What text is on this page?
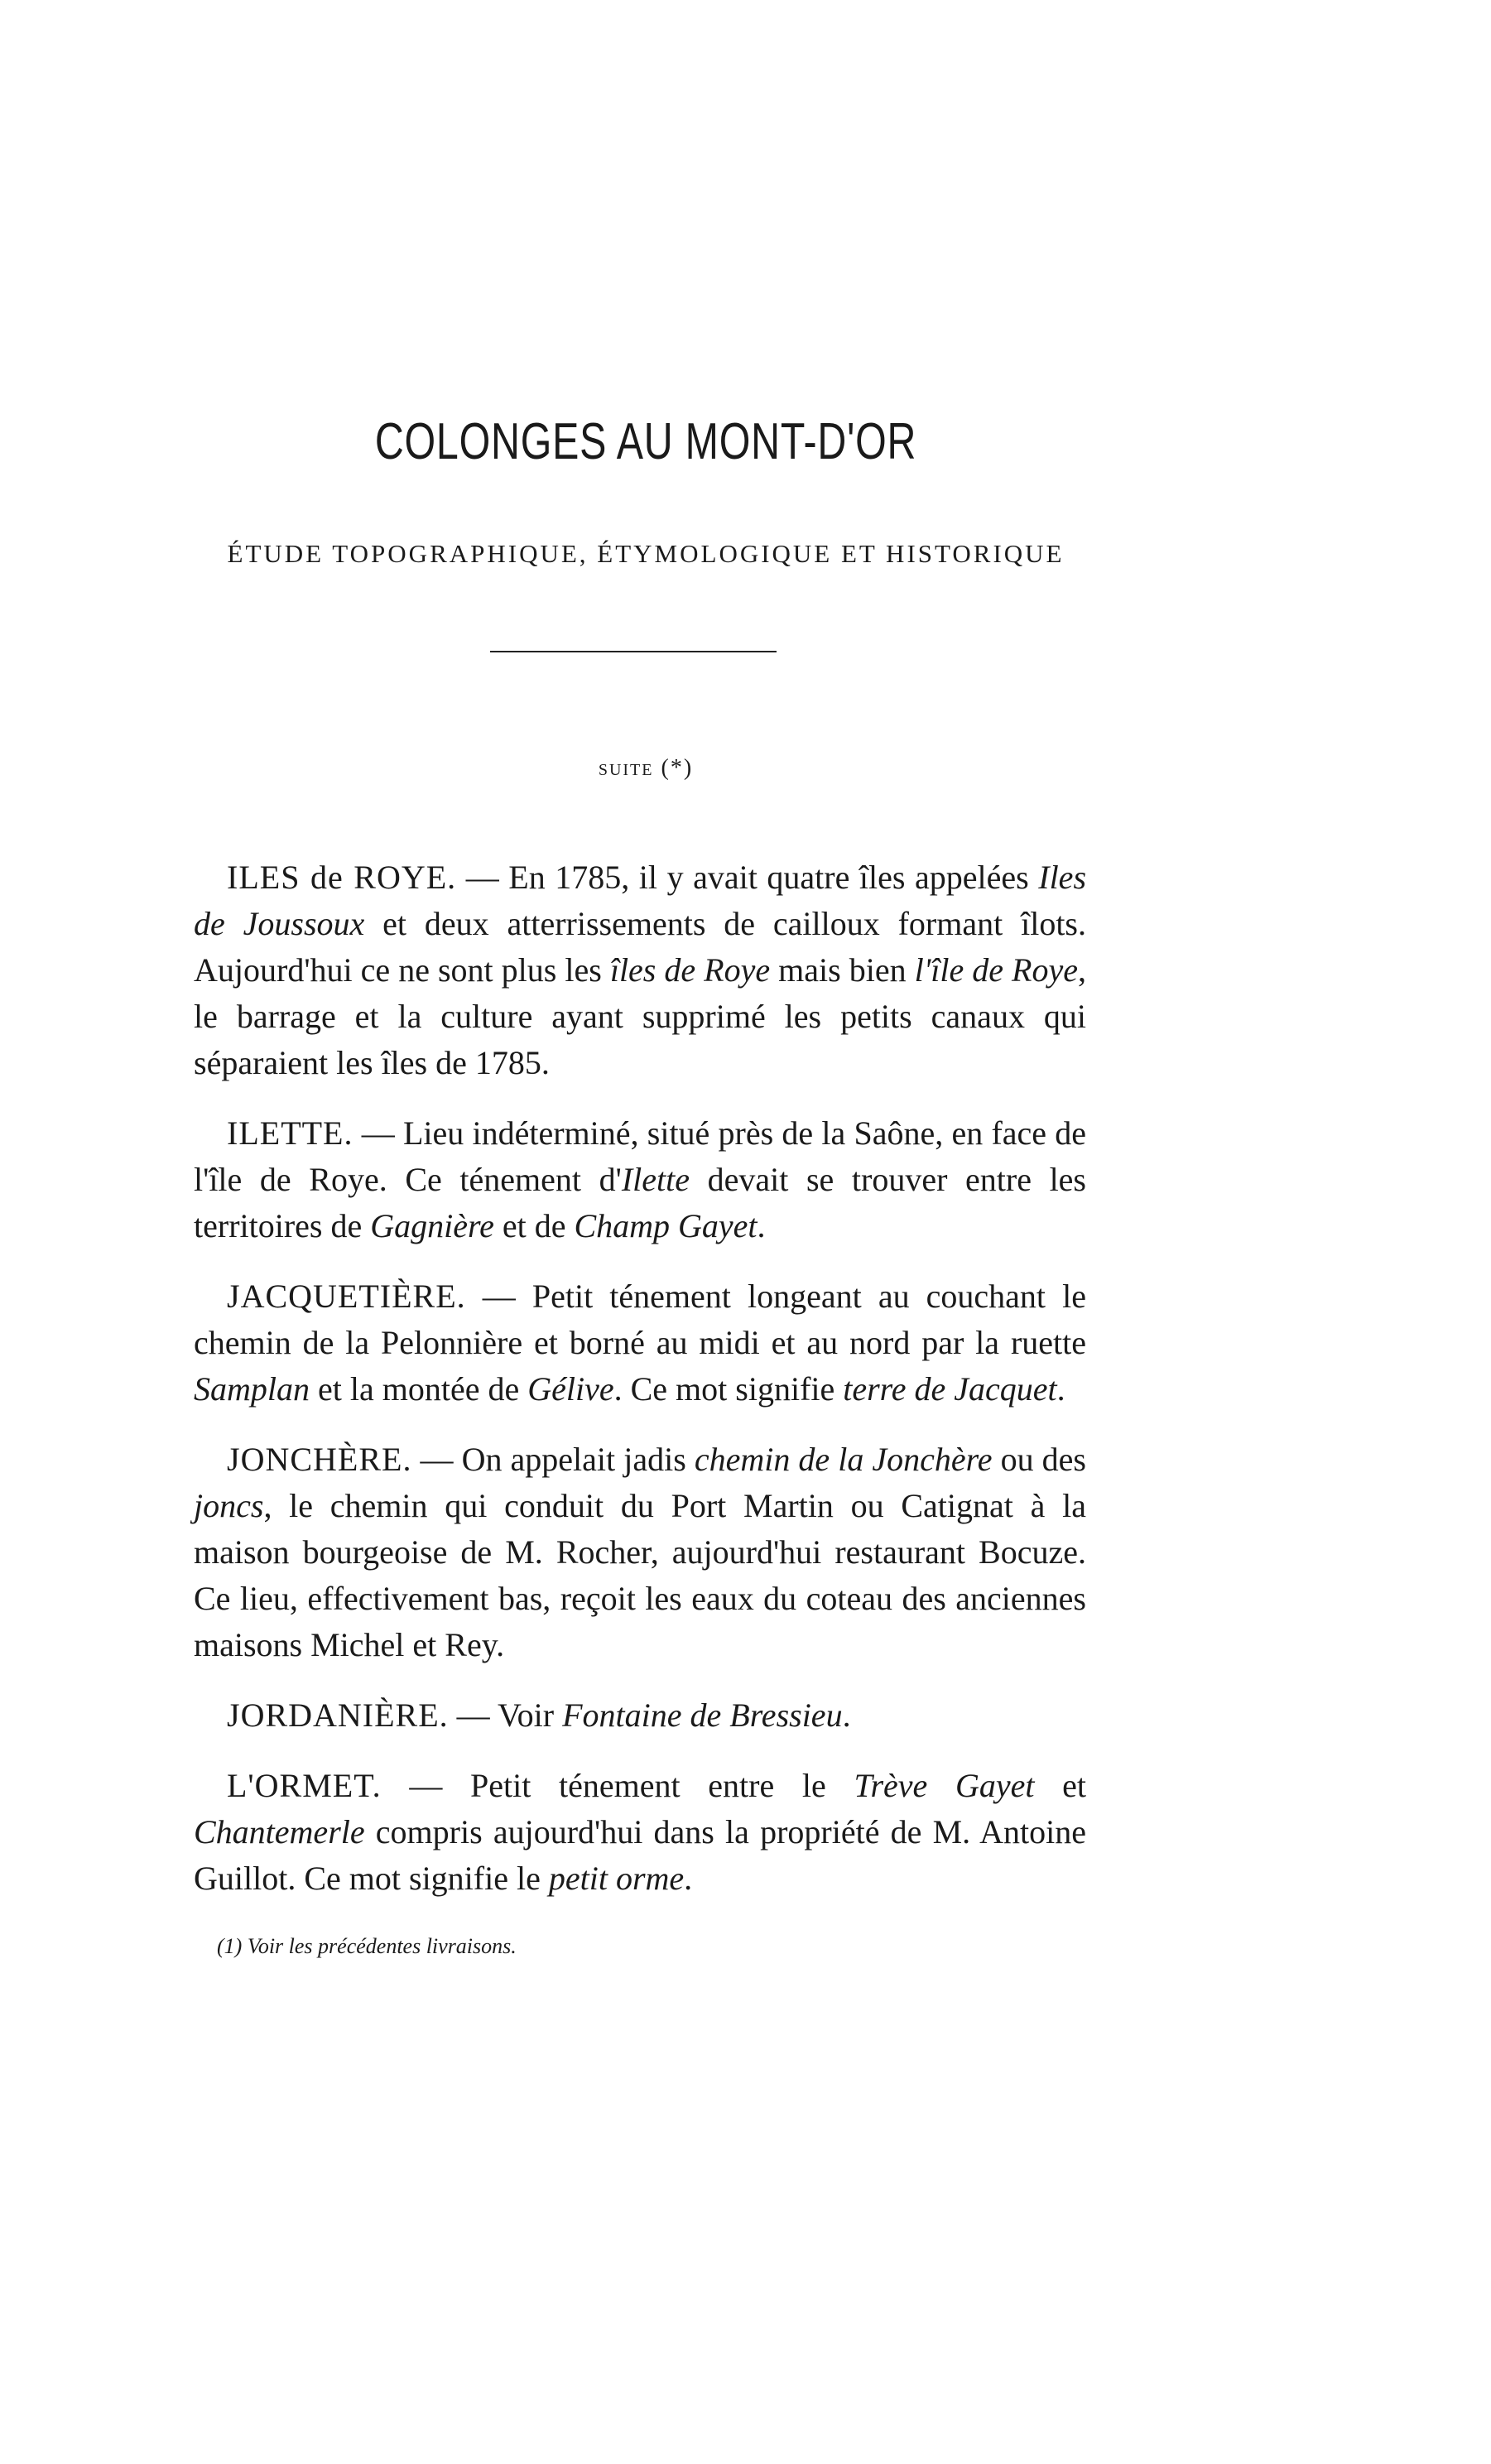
COLONGES AU MONT-D'OR
ÉTUDE TOPOGRAPHIQUE, ÉTYMOLOGIQUE ET HISTORIQUE
suite (*)

ILES de ROYE. — En 1785, il y avait quatre îles appelées Iles de Joussoux et deux atterrissements de cailloux formant îlots. Aujourd'hui ce ne sont plus les îles de Roye mais bien l'île de Roye, le barrage et la culture ayant supprimé les petits canaux qui séparaient les îles de 1785.

ILETTE. — Lieu indéterminé, situé près de la Saône, en face de l'île de Roye. Ce ténement d'Ilette devait se trouver entre les territoires de Gagnière et de Champ Gayet.

JACQUETIÈRE. — Petit ténement longeant au couchant le chemin de la Pelonnière et borné au midi et au nord par la ruette Samplan et la montée de Gélive. Ce mot signifie terre de Jacquet.

JONCHÈRE. — On appelait jadis chemin de la Jonchère ou des joncs, le chemin qui conduit du Port Martin ou Catignat à la maison bourgeoise de M. Rocher, aujourd'hui restaurant Bocuze. Ce lieu, effectivement bas, reçoit les eaux du coteau des anciennes maisons Michel et Rey.

JORDANIÈRE. — Voir Fontaine de Bressieu.

L'ORMET. — Petit ténement entre le Trève Gayet et Chantemerle compris aujourd'hui dans la propriété de M. Antoine Guillot. Ce mot signifie le petit orme.

(1) Voir les précédentes livraisons.
